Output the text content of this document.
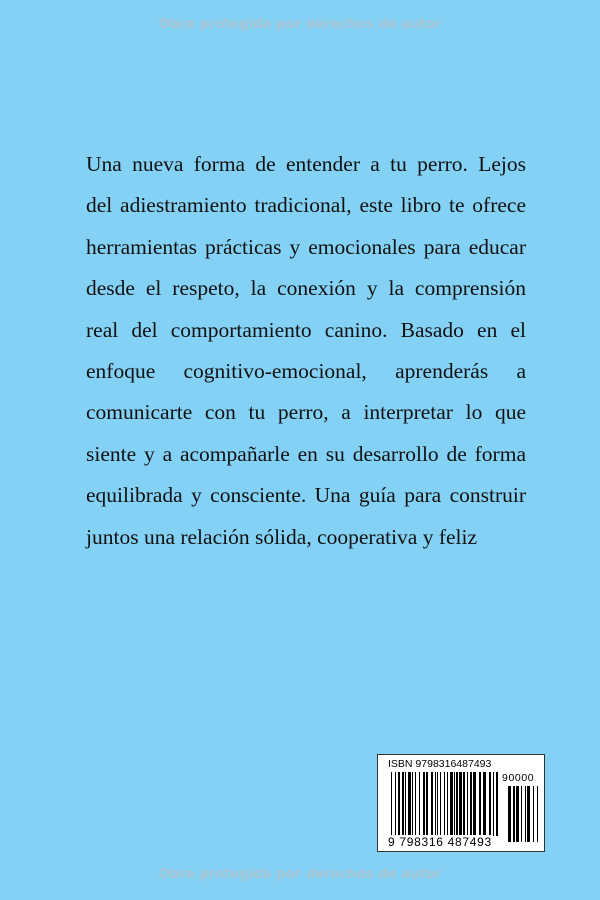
Obra protegida por derechos de autor
Una nueva forma de entender a tu perro. Lejos
del adiestramiento tradicional, este libro te ofrece
herramientas prácticas y emocionales para educar
desde el respeto, la conexión y la comprensión
real del comportamiento canino. Basado en el
enfoque cognitivo-emocional, aprenderás a
comunicarte con tu perro, a interpretar lo que
siente y a acompañarle en su desarrollo de forma
equilibrada y consciente. Una guía para construir
juntos una relación sólida, cooperativa y feliz
ISBN 9798316487493
90000
9 798316 487493
Obra protegida por derechos de autor
